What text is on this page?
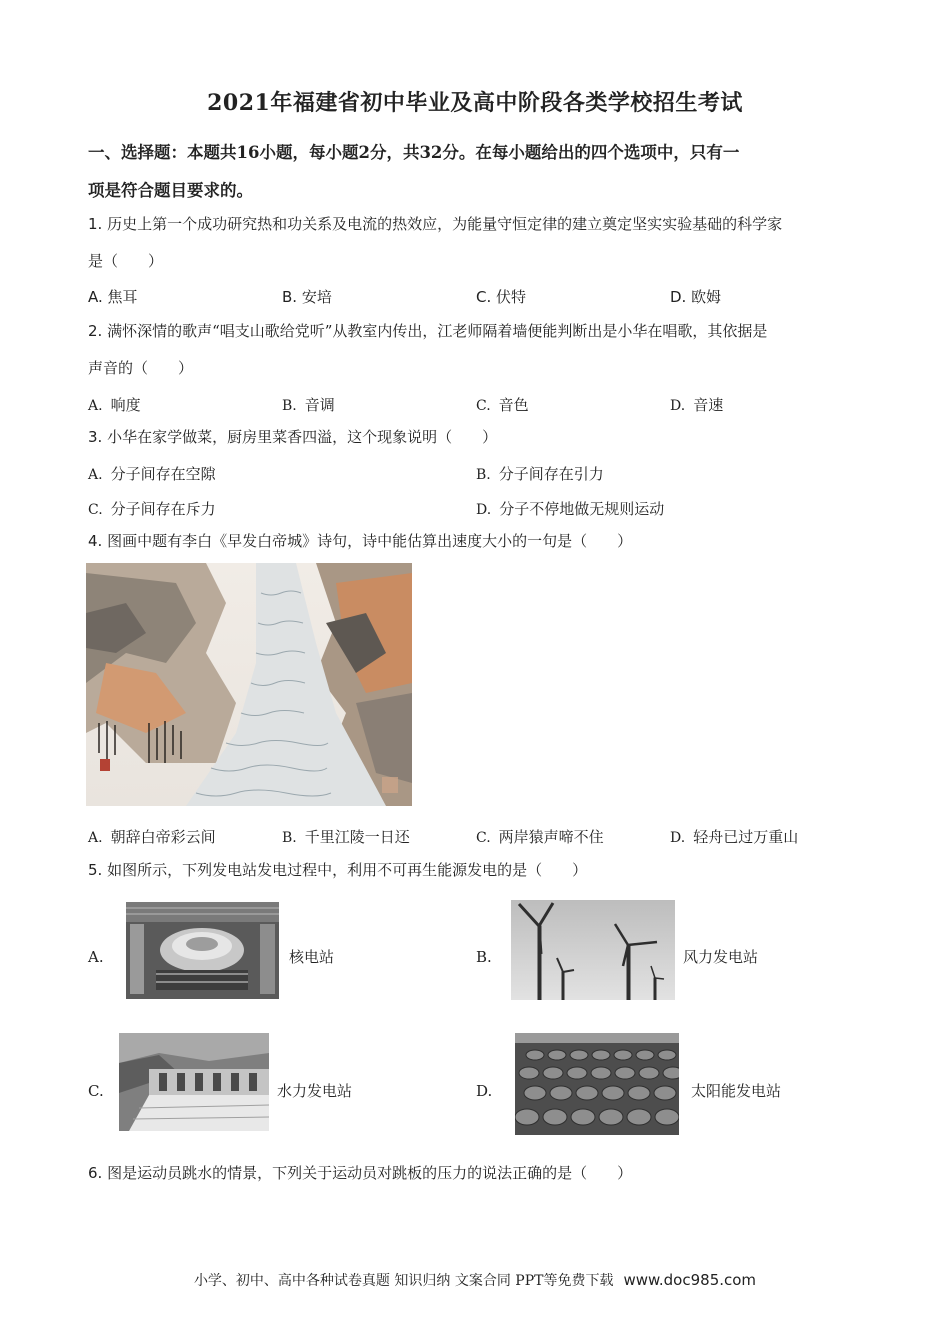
2021年福建省初中毕业及高中阶段各类学校招生考试
一、选择题：本题共16小题，每小题2分，共32分。在每小题给出的四个选项中，只有一
项是符合题目要求的。
1. 历史上第一个成功研究热和功关系及电流的热效应，为能量守恒定律的建立奠定坚实实验基础的科学家
是（　　）
A. 焦耳	B. 安培	C. 伏特	D. 欧姆
2. 满怀深情的歌声“唱支山歌给党听”从教室内传出，江老师隔着墙便能判断出是小华在唱歌，其依据是
声音的（　　）
A. 响度	B. 音调	C. 音色	D. 音速
3. 小华在家学做菜，厨房里菜香四溢，这个现象说明（　　）
A. 分子间存在空隙	B. 分子间存在引力
C. 分子间存在斥力	D. 分子不停地做无规则运动
4. 图画中题有李白《早发白帝城》诗句，诗中能估算出速度大小的一句是（　　）
A. 朝辞白帝彩云间	B. 千里江陵一日还	C. 两岸猿声啼不住	D. 轻舟已过万重山
5. 如图所示，下列发电站发电过程中，利用不可再生能源发电的是（　　）
A.	核电站	B.	风力发电站
C.	水力发电站	D.	太阳能发电站
6. 图是运动员跳水的情景，下列关于运动员对跳板的压力的说法正确的是（　　）
小学、初中、高中各种试卷真题 知识归纳 文案合同 PPT等免费下载 www.doc985.com
